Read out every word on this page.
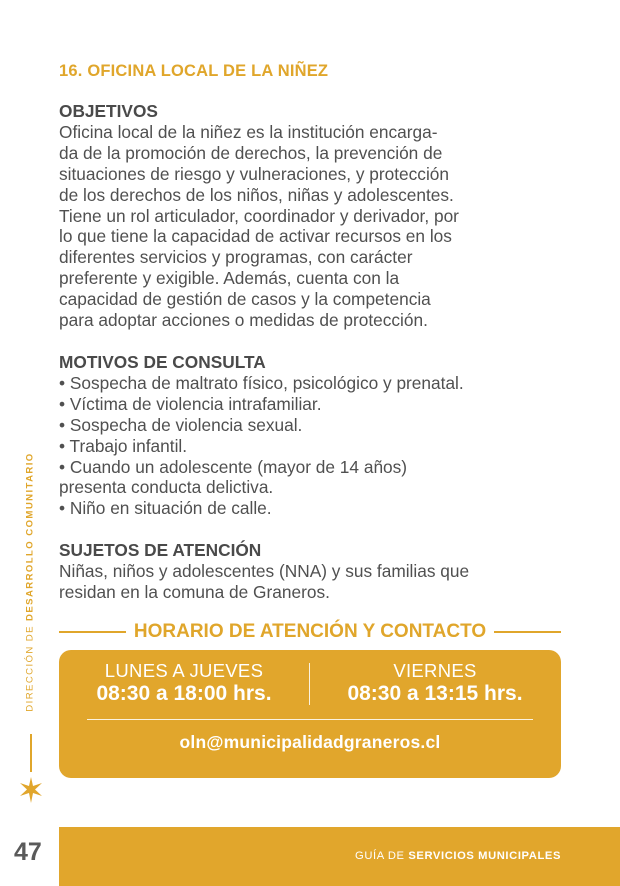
16. OFICINA LOCAL DE LA NIÑEZ
OBJETIVOS
Oficina local de la niñez es la institución encarga-
da de la promoción de derechos, la prevención de
situaciones de riesgo y vulneraciones, y protección
de los derechos de los niños, niñas y adolescentes.
Tiene un rol articulador, coordinador y derivador, por
lo que tiene la capacidad de activar recursos en los
diferentes servicios y programas, con carácter
preferente y exigible. Además, cuenta con la
capacidad de gestión de casos y la competencia
para adoptar acciones o medidas de protección.
MOTIVOS DE CONSULTA
• Sospecha de maltrato físico, psicológico y prenatal.
• Víctima de violencia intrafamiliar.
• Sospecha de violencia sexual.
• Trabajo infantil.
• Cuando un adolescente (mayor de 14 años)
presenta conducta delictiva.
• Niño en situación de calle.
SUJETOS DE ATENCIÓN
Niñas, niños y adolescentes (NNA) y sus familias que
residan en la comuna de Graneros.
DIRECCIÓN DE DESARROLLO COMUNITARIO
HORARIO DE ATENCIÓN Y CONTACTO
LUNES A JUEVES
08:30 a 18:00 hrs.
VIERNES
08:30 a 13:15 hrs.
oln@municipalidadgraneros.cl
47	GUÍA DE SERVICIOS MUNICIPALES
